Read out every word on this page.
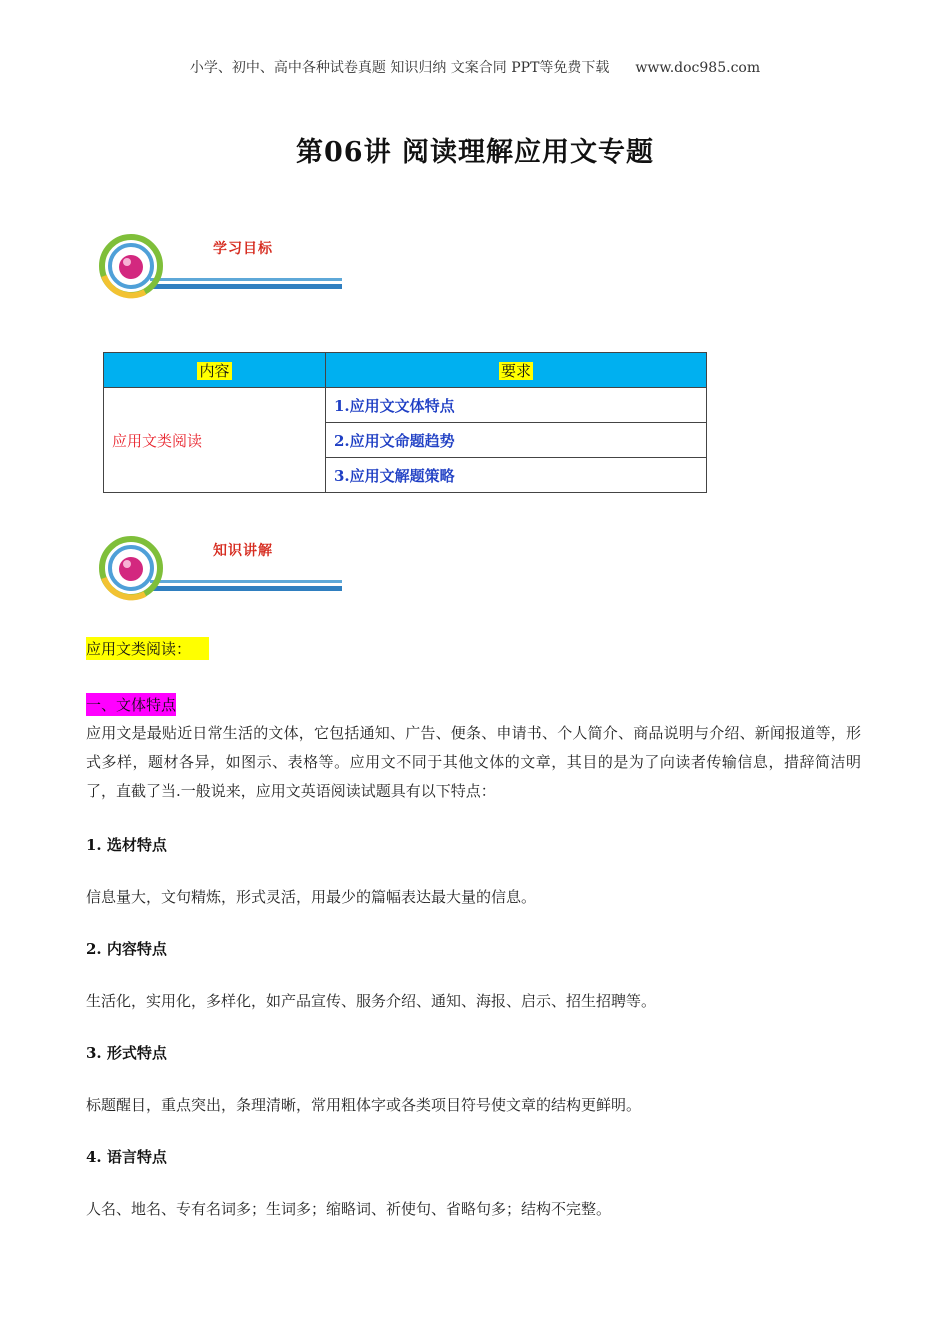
小学、初中、高中各种试卷真题 知识归纳 文案合同 PPT等免费下载 www.doc985.com
第06讲 阅读理解应用文专题
学习目标
内容	要求
应用文类阅读	1.应用文文体特点
	2.应用文命题趋势
	3.应用文解题策略
知识讲解
应用文类阅读：
一、文体特点
应用文是最贴近日常生活的文体，它包括通知、广告、便条、申请书、个人简介、商品说明与介绍、新闻报道等，形式多样，题材各异，如图示、表格等。应用文不同于其他文体的文章，其目的是为了向读者传输信息，措辞简洁明了，直截了当.一般说来，应用文英语阅读试题具有以下特点：
1. 选材特点
信息量大，文句精炼，形式灵活，用最少的篇幅表达最大量的信息。
2. 内容特点
生活化，实用化，多样化，如产品宣传、服务介绍、通知、海报、启示、招生招聘等。
3. 形式特点
标题醒目，重点突出，条理清晰，常用粗体字或各类项目符号使文章的结构更鲜明。
4. 语言特点
人名、地名、专有名词多；生词多；缩略词、祈使句、省略句多；结构不完整。
